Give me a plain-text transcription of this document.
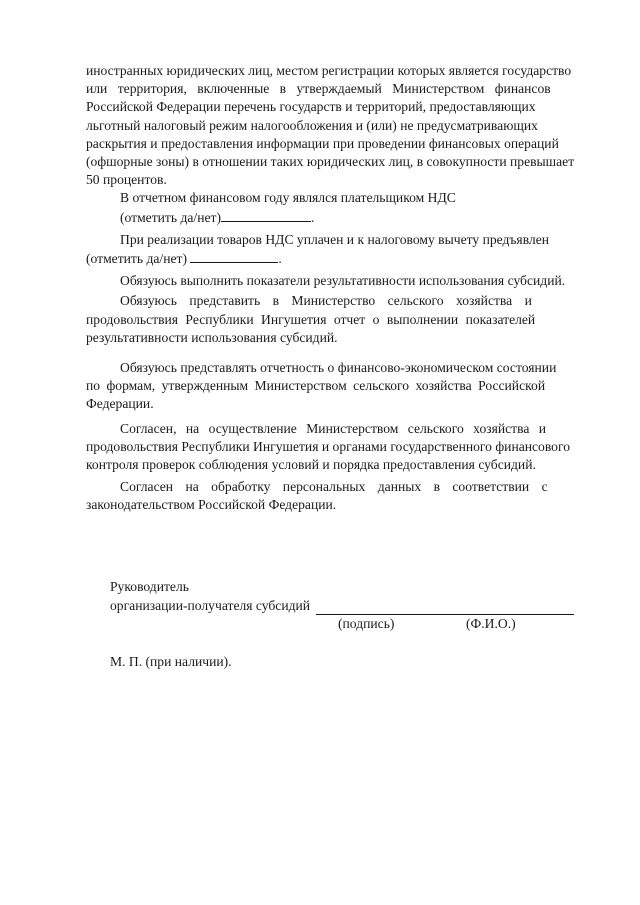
иностранных юридических лиц, местом регистрации которых является государство
или территория, включенные в утверждаемый Министерством финансов
Российской Федерации перечень государств и территорий, предоставляющих
льготный налоговый режим налогообложения и (или) не предусматривающих
раскрытия и предоставления информации при проведении финансовых операций
(офшорные зоны) в отношении таких юридических лиц, в совокупности превышает
50 процентов.

В отчетном финансовом году являлся плательщиком НДС
(отметить да/нет)	.

При реализации товаров НДС уплачен и к налоговому вычету предъявлен
(отметить да/нет)	.

Обязуюсь выполнить показатели результативности использования субсидий.

Обязуюсь представить в Министерство сельского хозяйства и
продовольствия Республики Ингушетия отчет о выполнении показателей
результативности использования субсидий.

Обязуюсь представлять отчетность о финансово-экономическом состоянии
по формам, утвержденным Министерством сельского хозяйства Российской
Федерации.

Согласен, на осуществление Министерством сельского хозяйства и
продовольствия Республики Ингушетия и органами государственного финансового
контроля проверок соблюдения условий и порядка предоставления субсидий.

Согласен на обработку персональных данных в соответствии с
законодательством Российской Федерации.

Руководитель
организации-получателя субсидий
(подпись)	(Ф.И.О.)
М. П. (при наличии).
